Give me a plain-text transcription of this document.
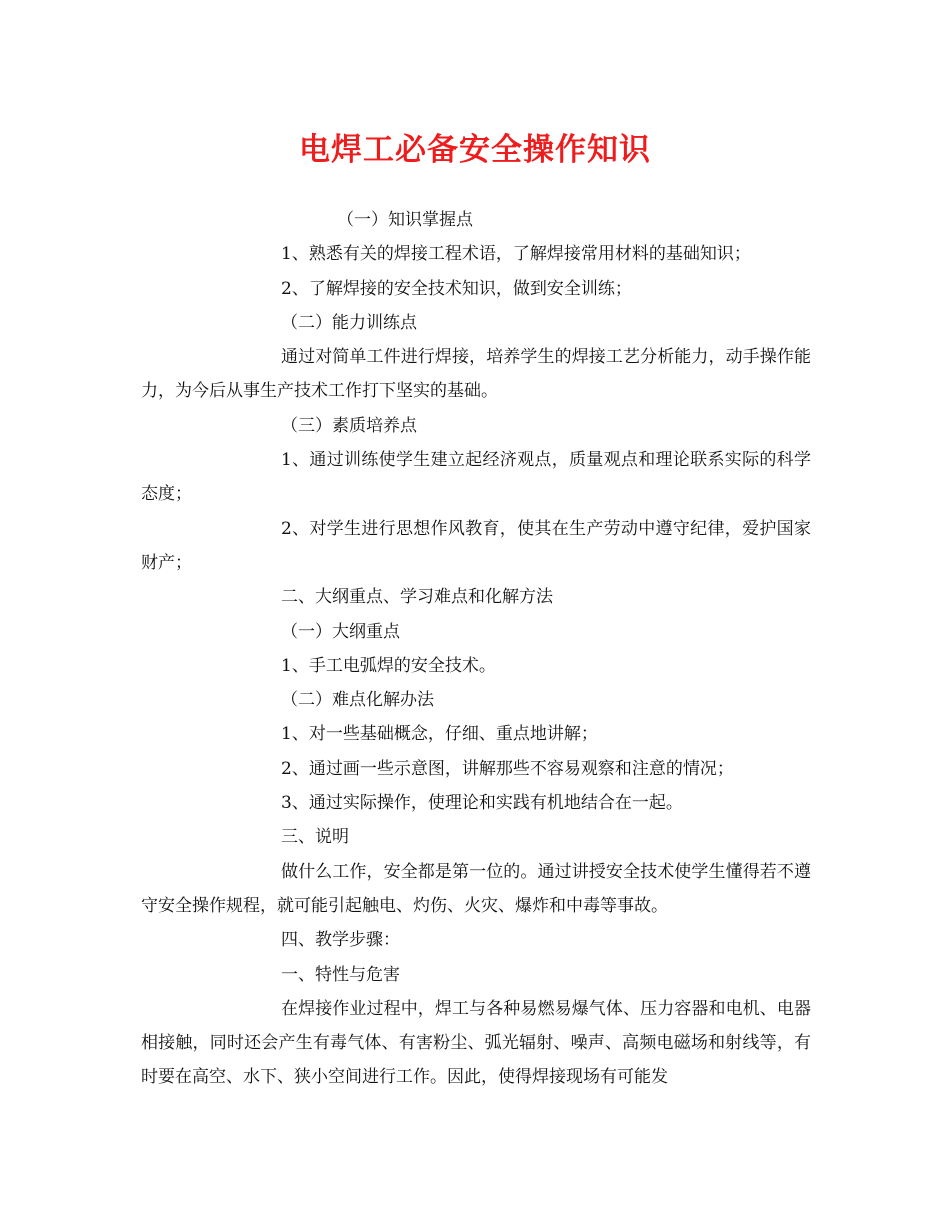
电焊工必备安全操作知识

（一）知识掌握点

1、熟悉有关的焊接工程术语，了解焊接常用材料的基础知识；

2、了解焊接的安全技术知识，做到安全训练；

（二）能力训练点

通过对简单工件进行焊接，培养学生的焊接工艺分析能力，动手操作能力，为今后从事生产技术工作打下坚实的基础。

（三）素质培养点

1、通过训练使学生建立起经济观点，质量观点和理论联系实际的科学态度；

2、对学生进行思想作风教育，使其在生产劳动中遵守纪律，爱护国家财产；

二、大纲重点、学习难点和化解方法

（一）大纲重点

1、手工电弧焊的安全技术。

（二）难点化解办法

1、对一些基础概念，仔细、重点地讲解；

2、通过画一些示意图，讲解那些不容易观察和注意的情况；

3、通过实际操作，使理论和实践有机地结合在一起。

三、说明

做什么工作，安全都是第一位的。通过讲授安全技术使学生懂得若不遵守安全操作规程，就可能引起触电、灼伤、火灾、爆炸和中毒等事故。

四、教学步骤：

一、特性与危害

在焊接作业过程中，焊工与各种易燃易爆气体、压力容器和电机、电器相接触，同时还会产生有毒气体、有害粉尘、弧光辐射、噪声、高频电磁场和射线等，有时要在高空、水下、狭小空间进行工作。因此，使得焊接现场有可能发
